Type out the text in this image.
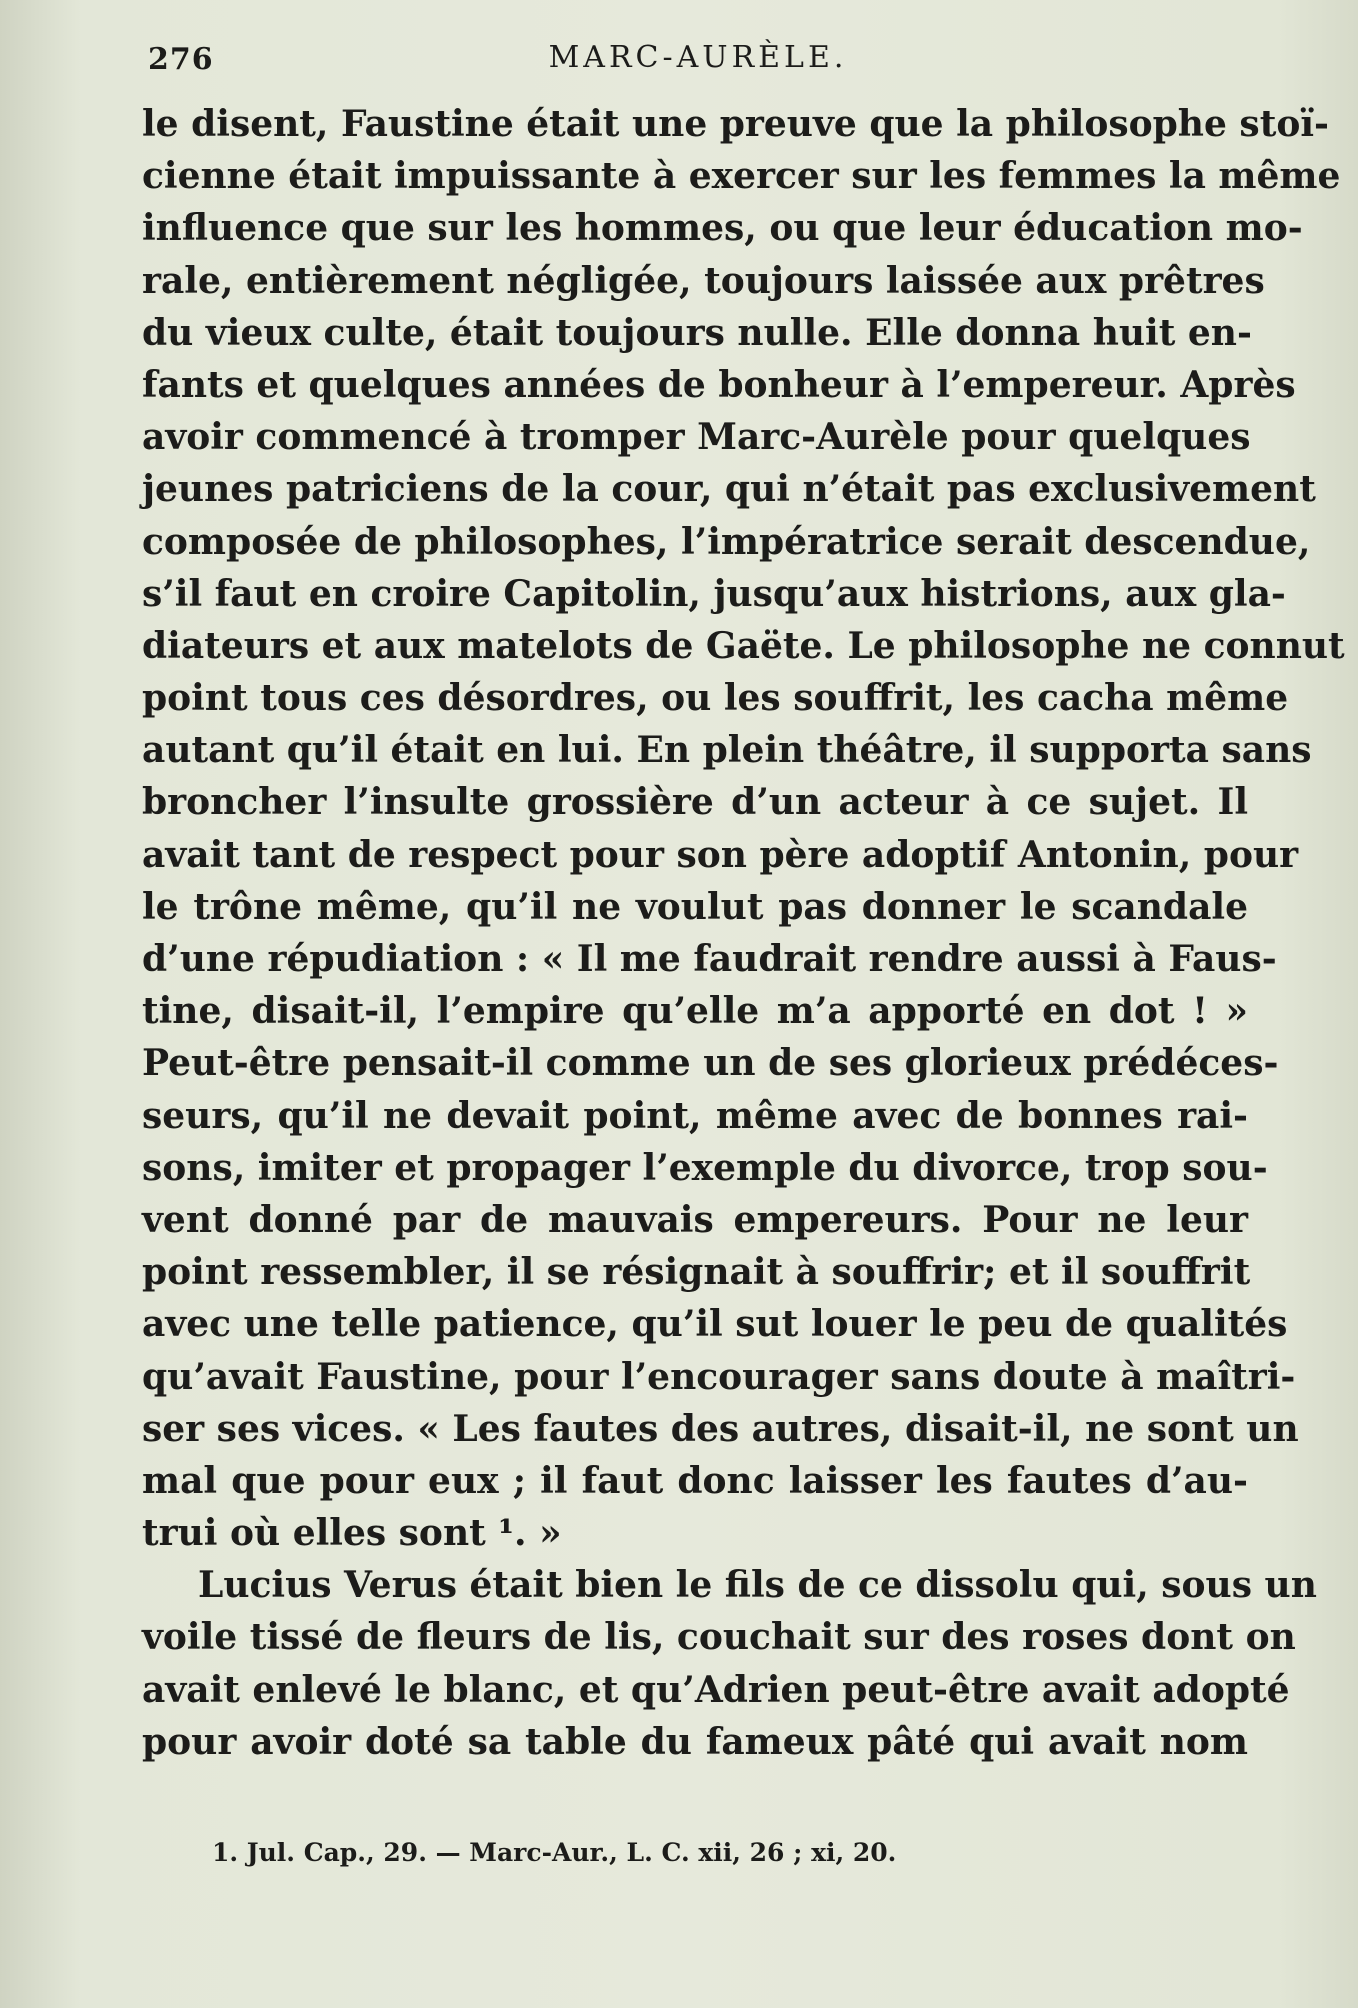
276	MARC-AURÈLE.
le disent, Faustine était une preuve que la philosophe stoï-
cienne était impuissante à exercer sur les femmes la même
influence que sur les hommes, ou que leur éducation mo-
rale, entièrement négligée, toujours laissée aux prêtres
du vieux culte, était toujours nulle. Elle donna huit en-
fants et quelques années de bonheur à l’empereur. Après
avoir commencé à tromper Marc-Aurèle pour quelques
jeunes patriciens de la cour, qui n’était pas exclusivement
composée de philosophes, l’impératrice serait descendue,
s’il faut en croire Capitolin, jusqu’aux histrions, aux gla-
diateurs et aux matelots de Gaëte. Le philosophe ne connut
point tous ces désordres, ou les souffrit, les cacha même
autant qu’il était en lui. En plein théâtre, il supporta sans
broncher l’insulte grossière d’un acteur à ce sujet. Il
avait tant de respect pour son père adoptif Antonin, pour
le trône même, qu’il ne voulut pas donner le scandale
d’une répudiation : « Il me faudrait rendre aussi à Faus-
tine, disait-il, l’empire qu’elle m’a apporté en dot ! »
Peut-être pensait-il comme un de ses glorieux prédéces-
seurs, qu’il ne devait point, même avec de bonnes rai-
sons, imiter et propager l’exemple du divorce, trop sou-
vent donné par de mauvais empereurs. Pour ne leur
point ressembler, il se résignait à souffrir; et il souffrit
avec une telle patience, qu’il sut louer le peu de qualités
qu’avait Faustine, pour l’encourager sans doute à maîtri-
ser ses vices. « Les fautes des autres, disait-il, ne sont un
mal que pour eux ; il faut donc laisser les fautes d’au-
trui où elles sont ¹. »
Lucius Verus était bien le fils de ce dissolu qui, sous un
voile tissé de fleurs de lis, couchait sur des roses dont on
avait enlevé le blanc, et qu’Adrien peut-être avait adopté
pour avoir doté sa table du fameux pâté qui avait nom
1. Jul. Cap., 29. — Marc-Aur., L. C. xii, 26 ; xi, 20.
